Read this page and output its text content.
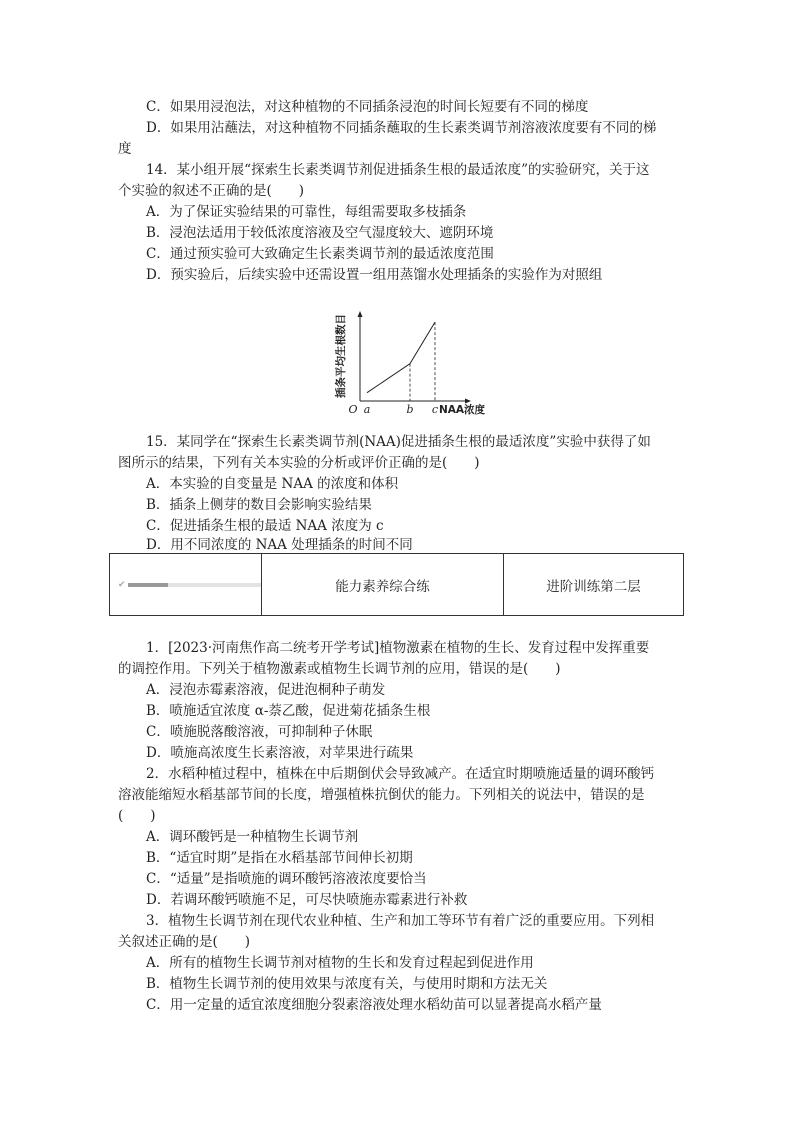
C．如果用浸泡法，对这种植物的不同插条浸泡的时间长短要有不同的梯度
D．如果用沾蘸法，对这种植物不同插条蘸取的生长素类调节剂溶液浓度要有不同的梯
度
14．某小组开展“探索生长素类调节剂促进插条生根的最适浓度”的实验研究，关于这
个实验的叙述不正确的是(　　)
A．为了保证实验结果的可靠性，每组需要取多枝插条
B．浸泡法适用于较低浓度溶液及空气湿度较大、遮阴环境
C．通过预实验可大致确定生长素类调节剂的最适浓度范围
D．预实验后，后续实验中还需设置一组用蒸馏水处理插条的实验作为对照组
插条平均生根数目
O	NAA浓度
a	b c
15．某同学在“探索生长素类调节剂(NAA)促进插条生根的最适浓度”实验中获得了如
图所示的结果，下列有关本实验的分析或评价正确的是(　　)
A．本实验的自变量是 NAA 的浓度和体积
B．插条上侧芽的数目会影响实验结果
C．促进插条生根的最适 NAA 浓度为 c
D．用不同浓度的 NAA 处理插条的时间不同
✔	能力素养综合练	进阶训练第二层
1．[2023·河南焦作高二统考开学考试]植物激素在植物的生长、发育过程中发挥重要
的调控作用。下列关于植物激素或植物生长调节剂的应用，错误的是(　　)
A．浸泡赤霉素溶液，促进泡桐种子萌发
B．喷施适宜浓度 α-萘乙酸，促进菊花插条生根
C．喷施脱落酸溶液，可抑制种子休眠
D．喷施高浓度生长素溶液，对苹果进行疏果
2．水稻种植过程中，植株在中后期倒伏会导致减产。在适宜时期喷施适量的调环酸钙
溶液能缩短水稻基部节间的长度，增强植株抗倒伏的能力。下列相关的说法中，错误的是
(　　)
A．调环酸钙是一种植物生长调节剂
B．“适宜时期”是指在水稻基部节间伸长初期
C．“适量”是指喷施的调环酸钙溶液浓度要恰当
D．若调环酸钙喷施不足，可尽快喷施赤霉素进行补救
3．植物生长调节剂在现代农业种植、生产和加工等环节有着广泛的重要应用。下列相
关叙述正确的是(　　)
A．所有的植物生长调节剂对植物的生长和发育过程起到促进作用
B．植物生长调节剂的使用效果与浓度有关，与使用时期和方法无关
C．用一定量的适宜浓度细胞分裂素溶液处理水稻幼苗可以显著提高水稻产量
